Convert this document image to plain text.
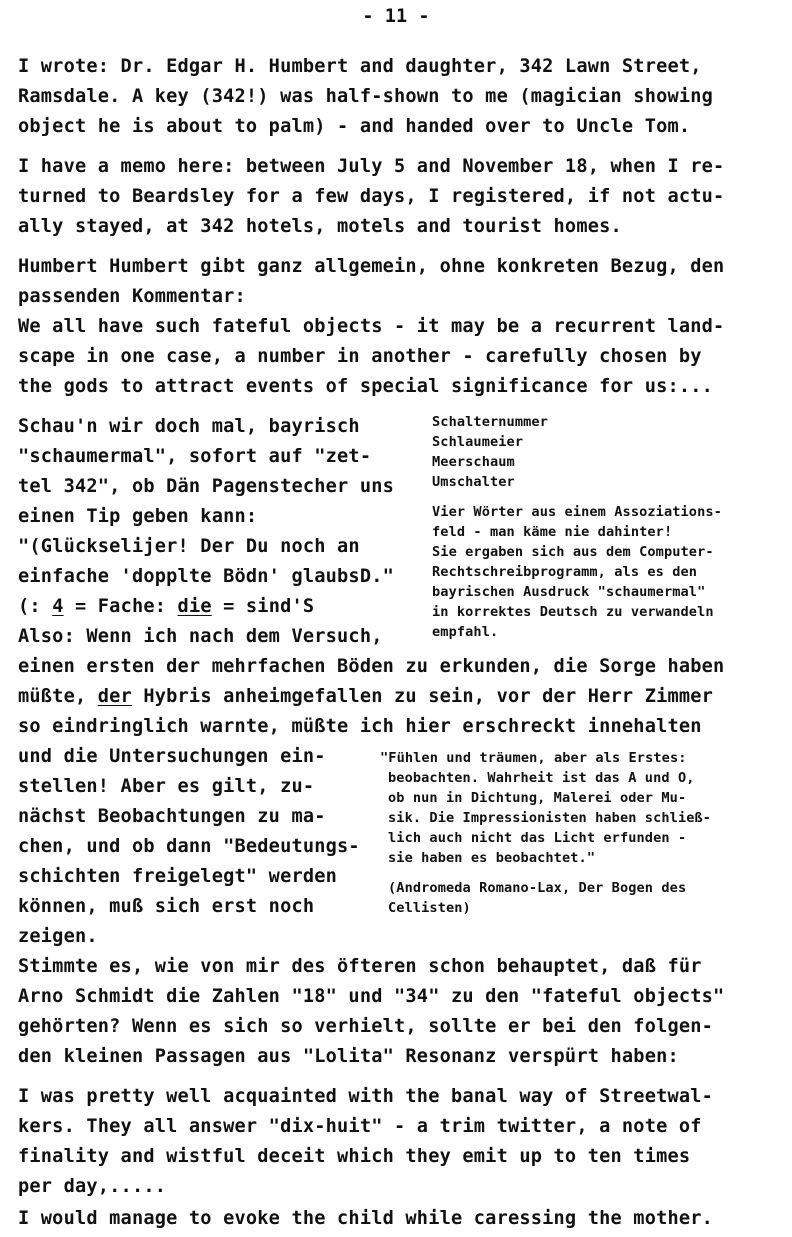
- 11 -
I wrote: Dr. Edgar H. Humbert and daughter, 342 Lawn Street,
Ramsdale. A key (342!) was half-shown to me (magician showing
object he is about to palm) - and handed over to Uncle Tom.
I have a memo here: between July 5 and November 18, when I re-
turned to Beardsley for a few days, I registered, if not actu-
ally stayed, at 342 hotels, motels and tourist homes.
Humbert Humbert gibt ganz allgemein, ohne konkreten Bezug, den
passenden Kommentar:
We all have such fateful objects - it may be a recurrent land-
scape in one case, a number in another - carefully chosen by
the gods to attract events of special significance for us:...
Schau'n wir doch mal, bayrisch
"schaumermal", sofort auf "zet-
tel 342", ob Dän Pagenstecher uns
einen Tip geben kann:
"(Glückselijer! Der Du noch an
einfache 'dopplte Bödn' glaubsD."
(: 4 = Fache: die = sind'S
Also: Wenn ich nach dem Versuch,
Schalternummer
Schlaumeier
Meerschaum
Umschalter
Vier Wörter aus einem Assoziations-
feld - man käme nie dahinter!
Sie ergaben sich aus dem Computer-
Rechtschreibprogramm, als es den
bayrischen Ausdruck "schaumermal"
in korrektes Deutsch zu verwandeln
empfahl.
einen ersten der mehrfachen Böden zu erkunden, die Sorge haben
müßte, der Hybris anheimgefallen zu sein, vor der Herr Zimmer
so eindringlich warnte, müßte ich hier erschreckt innehalten
und die Untersuchungen ein-
stellen! Aber es gilt, zu-
nächst Beobachtungen zu ma-
chen, und ob dann "Bedeutungs-
schichten freigelegt" werden
können, muß sich erst noch
zeigen.
"Fühlen und träumen, aber als Erstes:
beobachten. Wahrheit ist das A und O,
ob nun in Dichtung, Malerei oder Mu-
sik. Die Impressionisten haben schließ-
lich auch nicht das Licht erfunden -
sie haben es beobachtet."
(Andromeda Romano-Lax, Der Bogen des
Cellisten)
Stimmte es, wie von mir des öfteren schon behauptet, daß für
Arno Schmidt die Zahlen "18" und "34" zu den "fateful objects"
gehörten? Wenn es sich so verhielt, sollte er bei den folgen-
den kleinen Passagen aus "Lolita" Resonanz verspürt haben:
I was pretty well acquainted with the banal way of Streetwal-
kers. They all answer "dix-huit" - a trim twitter, a note of
finality and wistful deceit which they emit up to ten times
per day,.....
I would manage to evoke the child while caressing the mother.
